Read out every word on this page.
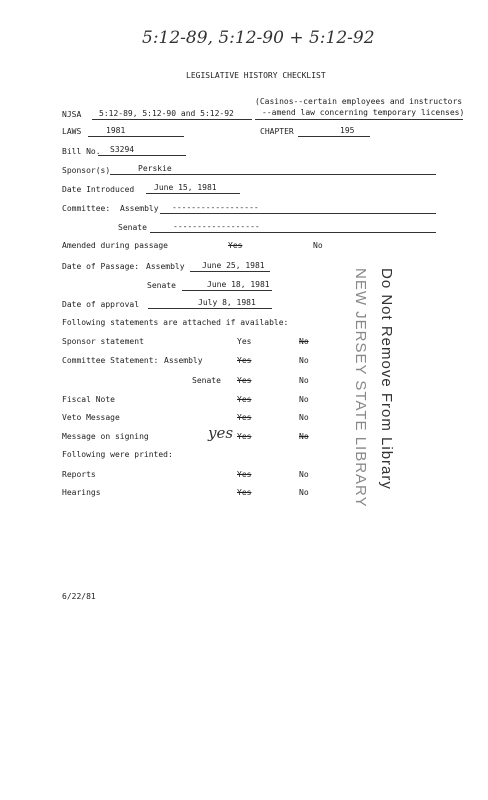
5:12-89, 5:12-90 + 5:12-92
LEGISLATIVE HISTORY CHECKLIST
NJSA 5:12-89, 5:12-90 and 5:12-92
(Casinos--certain employees and instructors
--amend law concerning temporary licenses)
LAWS	1981	CHAPTER	195
Bill No. S3294
Sponsor(s)	Perskie
Date Introduced June 15, 1981
Committee: Assembly ------------------
Senate	------------------
Amended during passage	Yes	No
Date of Passage: Assembly June 25, 1981
Senate	June 18, 1981
Date of approval	July 8, 1981
Following statements are attached if available:
Sponsor statement	Yes	No
Committee Statement: Assembly	Yes	No
Senate Yes	No
Fiscal Note	Yes	No
Veto Message	Yes	No
Message on signing	yes Yes	No
Following were printed:
Reports	Yes	No
Hearings	Yes	No	NEW JERSEY STATE LIBRARY Do Not Remove From Library
6/22/81
